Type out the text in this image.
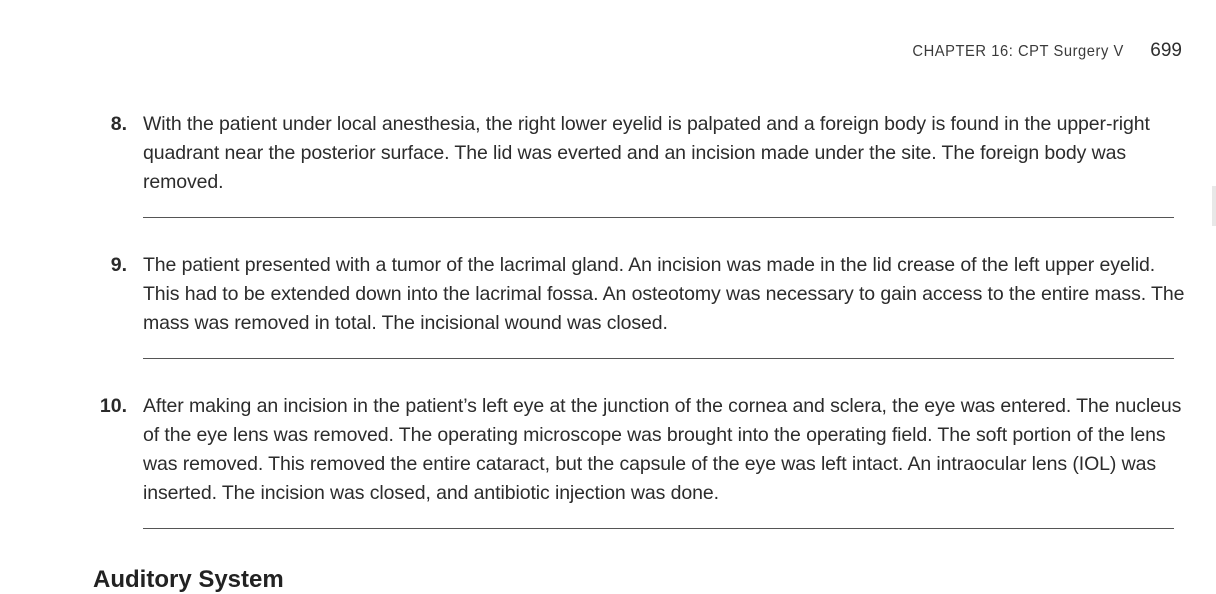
CHAPTER 16: CPT Surgery V 699
8. With the patient under local anesthesia, the right lower eyelid is palpated and a foreign body is found in the upper-right quadrant near the posterior surface. The lid was everted and an incision made under the site. The foreign body was removed.
9. The patient presented with a tumor of the lacrimal gland. An incision was made in the lid crease of the left upper eyelid. This had to be extended down into the lacrimal fossa. An osteotomy was necessary to gain access to the entire mass. The mass was removed in total. The incisional wound was closed.
10. After making an incision in the patient’s left eye at the junction of the cornea and sclera, the eye was entered. The nucleus of the eye lens was removed. The operating microscope was brought into the operating field. The soft portion of the lens was removed. This removed the entire cataract, but the capsule of the eye was left intact. An intraocular lens (IOL) was inserted. The incision was closed, and antibiotic injection was done.
Auditory System
